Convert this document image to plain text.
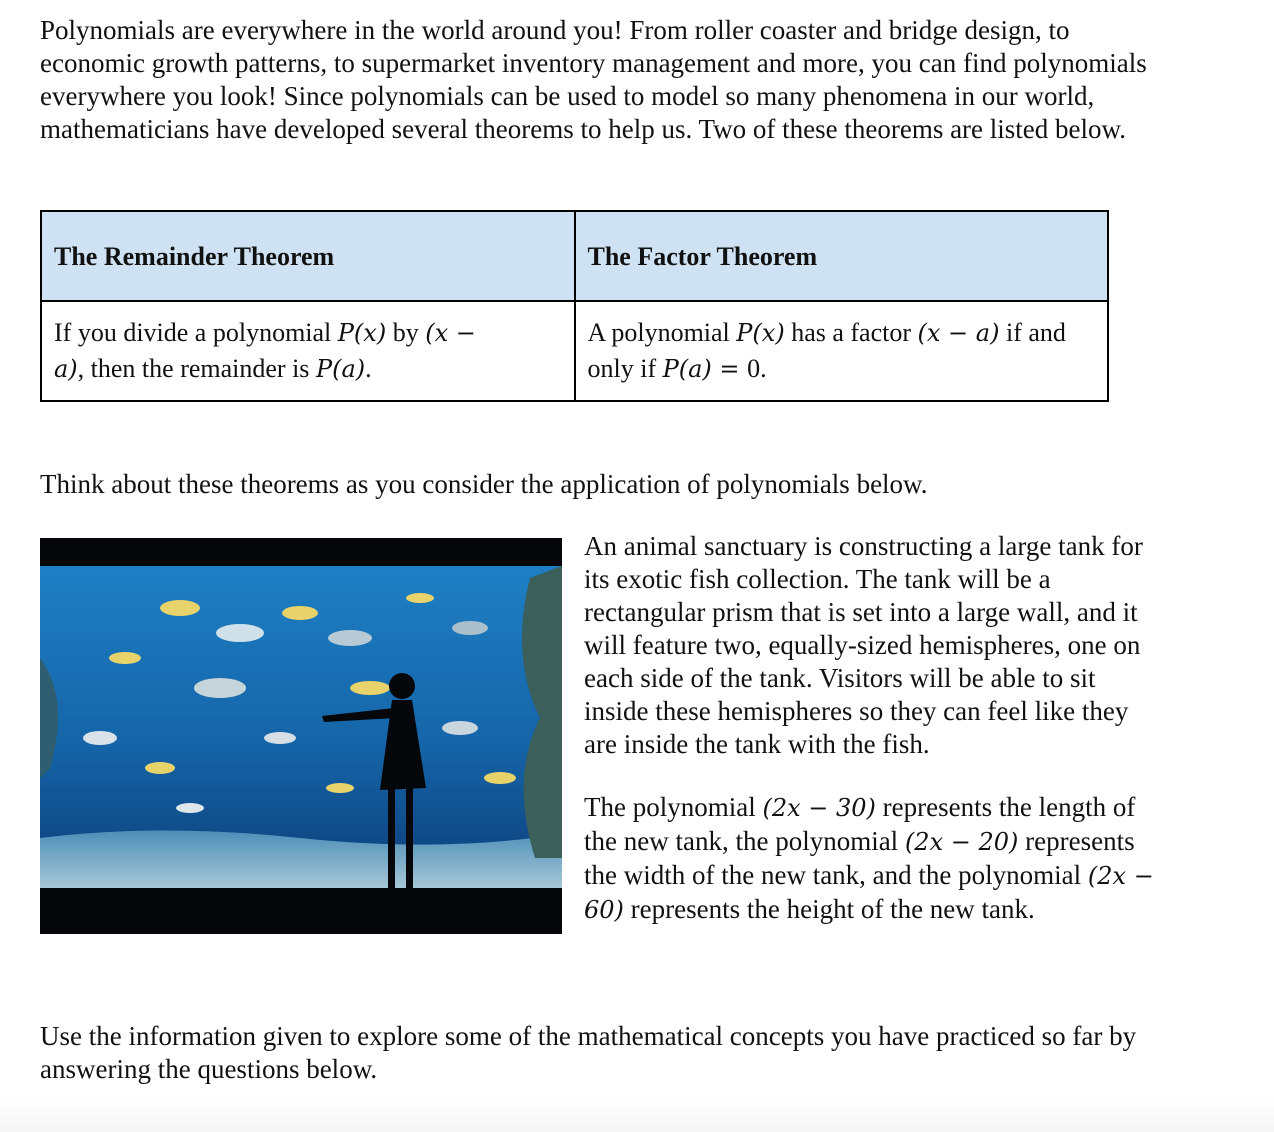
Polynomials are everywhere in the world around you! From roller coaster and bridge design, to economic growth patterns, to supermarket inventory management and more, you can find polynomials everywhere you look! Since polynomials can be used to model so many phenomena in our world, mathematicians have developed several theorems to help us. Two of these theorems are listed below.

The Remainder Theorem	The Factor Theorem
If you divide a polynomial P(x) by (x −
a), then the remainder is P(a).	A polynomial P(x) has a factor (x − a) if and only if P(a) = 0.

Think about these theorems as you consider the application of polynomials below.

An animal sanctuary is constructing a large tank for its exotic fish collection. The tank will be a rectangular prism that is set into a large wall, and it will feature two, equally-sized hemispheres, one on each side of the tank. Visitors will be able to sit inside these hemispheres so they can feel like they are inside the tank with the fish.

The polynomial (2x − 30) represents the length of the new tank, the polynomial (2x − 20) represents the width of the new tank, and the polynomial (2x − 60) represents the height of the new tank.

Use the information given to explore some of the mathematical concepts you have practiced so far by answering the questions below.
